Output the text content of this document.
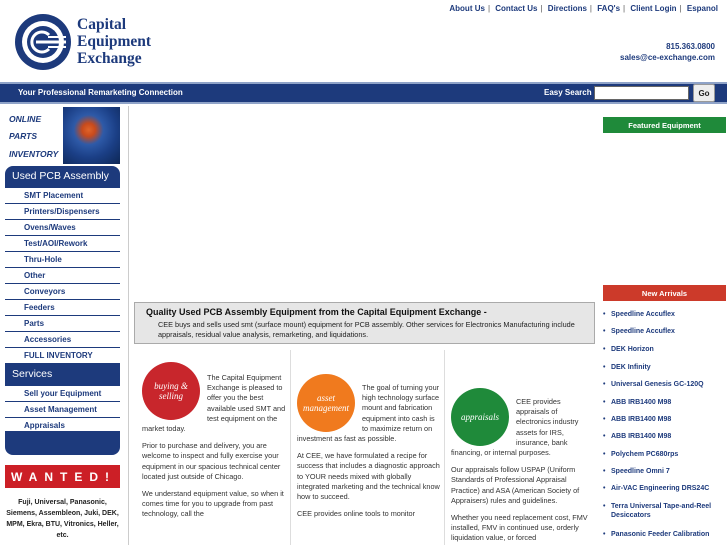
Capital
Equipment
Exchange
About Us | Contact Us | Directions | FAQ's | Client Login | Espanol
815.363.0800
sales@ce-exchange.com
Your Professional Remarketing Connection	Easy Search	Go
ONLINE
PARTS
INVENTORY
Used PCB Assembly
SMT Placement
Printers/Dispensers
Ovens/Waves
Test/AOI/Rework
Thru-Hole
Other
Conveyors
Feeders
Parts
Accessories
FULL INVENTORY
Services
Sell your Equipment
Asset Management
Appraisals
WANTED!
Fuji, Universal, Panasonic, Siemens, Assembleon, Juki, DEK, MPM, Ekra, BTU, Vitronics, Heller, etc.
Quality Used PCB Assembly Equipment from the Capital Equipment Exchange -
CEE buys and sells used smt (surface mount) equipment for PCB assembly. Other services for Electronics Manufacturing include appraisals, residual value analysis, remarketing, and liquidations.
buying & selling

The Capital Equipment Exchange is pleased to offer you the best available used SMT and test equipment on the market today.

Prior to purchase and delivery, you are welcome to inspect and fully exercise your equipment in our spacious technical center located just outside of Chicago.

We understand equipment value, so when it comes time for you to upgrade from past technology, call the

asset management

The goal of turning your high technology surface mount and fabrication equipment into cash is to maximize return on investment as fast as possible.

At CEE, we have formulated a recipe for success that includes a diagnostic approach to YOUR needs mixed with globally integrated marketing and the technical know how to succeed.

CEE provides online tools to monitor

appraisals

CEE provides appraisals of electronics industry assets for IRS, insurance, bank financing, or internal purposes.

Our appraisals follow USPAP (Uniform Standards of Professional Appraisal Practice) and ASA (American Society of Appraisers) rules and guidelines.

Whether you need replacement cost, FMV installed, FMV in continued use, orderly liquidation value, or forced

Featured Equipment
New Arrivals
• Speedline Accuflex
• Speedline Accuflex
• DEK Horizon
• DEK Infinity
• Universal Genesis GC-120Q
• ABB IRB1400 M98
• ABB IRB1400 M98
• ABB IRB1400 M98
• Polychem PC680rps
• Speedline Omni 7
• Air-VAC Engineering DRS24C
• Terra Universal Tape-and-Reel Desiccators
• Panasonic Feeder Calibration
